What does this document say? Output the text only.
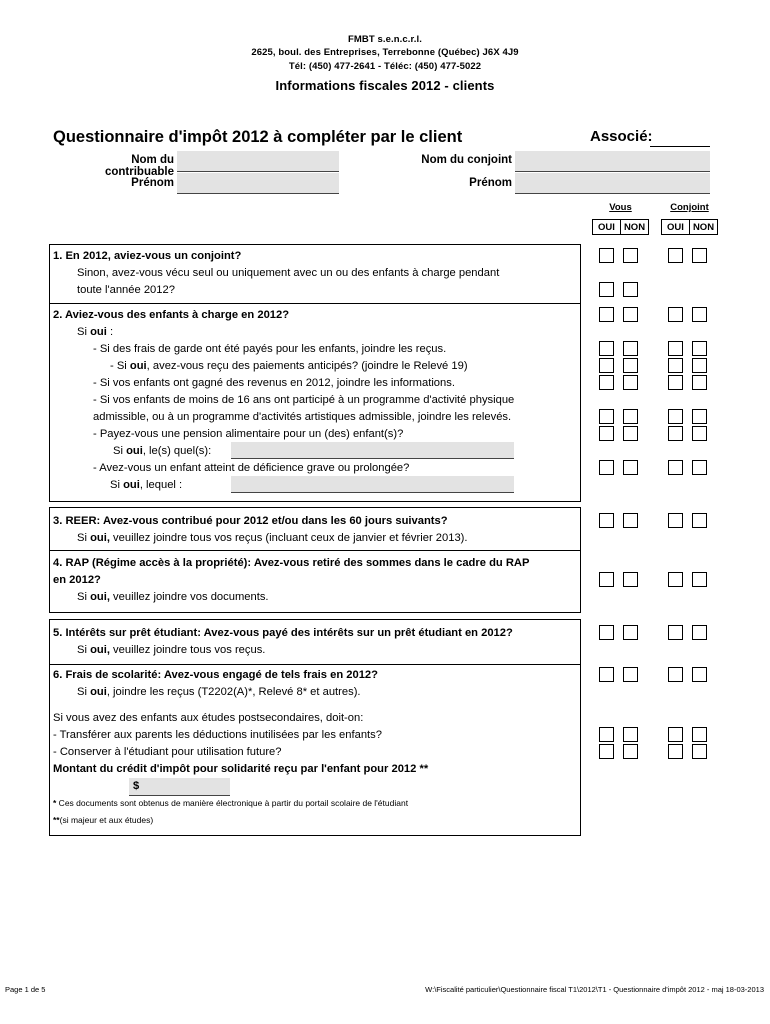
FMBT s.e.n.c.r.l.
2625, boul. des Entreprises, Terrebonne (Québec) J6X 4J9
Tél: (450) 477-2641 - Téléc: (450) 477-5022
Informations fiscales 2012 - clients
Questionnaire d'impôt 2012 à compléter par le client	Associé:
Nom du contribuable
Prénom
Nom du conjoint
Prénom
Vous	Conjoint
OUI NON	OUI NON
1. En 2012, aviez-vous un conjoint?
Sinon, avez-vous vécu seul ou uniquement avec un ou des enfants à charge pendant
toute l'année 2012?
2. Aviez-vous des enfants à charge en 2012?
Si oui :
- Si des frais de garde ont été payés pour les enfants, joindre les reçus.
- Si oui, avez-vous reçu des paiements anticipés? (joindre le Relevé 19)
- Si vos enfants ont gagné des revenus en 2012, joindre les informations.
- Si vos enfants de moins de 16 ans ont participé à un programme d'activité physique
admissible, ou à un programme d'activités artistiques admissible, joindre les relevés.
- Payez-vous une pension alimentaire pour un (des) enfant(s)?
Si oui, le(s) quel(s):
- Avez-vous un enfant atteint de déficience grave ou prolongée?
Si oui, lequel :
3. REER: Avez-vous contribué pour 2012 et/ou dans les 60 jours suivants?
Si oui, veuillez joindre tous vos reçus (incluant ceux de janvier et février 2013).
4. RAP (Régime accès à la propriété): Avez-vous retiré des sommes dans le cadre du RAP
en 2012?
Si oui, veuillez joindre vos documents.
5. Intérêts sur prêt étudiant: Avez-vous payé des intérêts sur un prêt étudiant en 2012?
Si oui, veuillez joindre tous vos reçus.
6. Frais de scolarité: Avez-vous engagé de tels frais en 2012?
Si oui, joindre les reçus (T2202(A)*, Relevé 8* et autres).
Si vous avez des enfants aux études postsecondaires, doit-on:
- Transférer aux parents les déductions inutilisées par les enfants?
- Conserver à l'étudiant pour utilisation future?
Montant du crédit d'impôt pour solidarité reçu par l'enfant pour 2012 **
$
* Ces documents sont obtenus de manière électronique à partir du portail scolaire de l'étudiant
**(si majeur et aux études)
Page 1 de 5	W:\Fiscalité particulier\Questionnaire fiscal T1\2012\T1 - Questionnaire d'impôt 2012 - maj 18-03-2013
